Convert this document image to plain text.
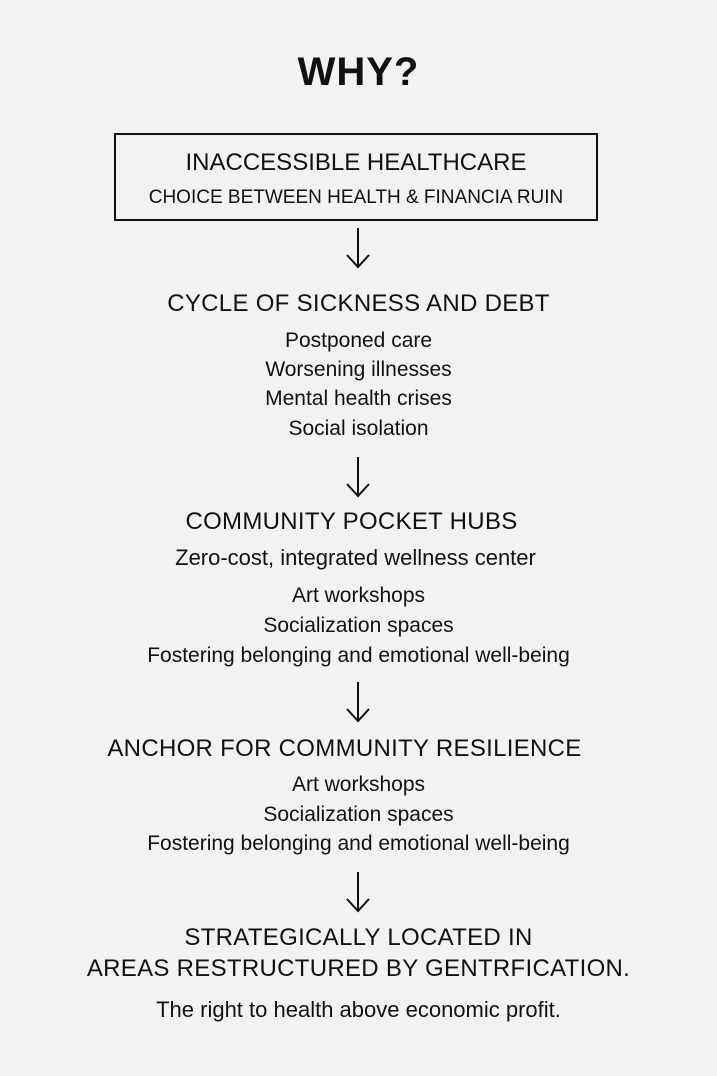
WHY?
INACCESSIBLE HEALTHCARE
CHOICE BETWEEN HEALTH & FINANCIA RUIN
CYCLE OF SICKNESS AND DEBT
Postponed care
Worsening illnesses
Mental health crises
Social isolation
COMMUNITY POCKET HUBS
Zero-cost, integrated wellness center
Art workshops
Socialization spaces
Fostering belonging and emotional well-being
ANCHOR FOR COMMUNITY RESILIENCE
Art workshops
Socialization spaces
Fostering belonging and emotional well-being
STRATEGICALLY LOCATED IN
AREAS RESTRUCTURED BY GENTRFICATION.
The right to health above economic profit.
